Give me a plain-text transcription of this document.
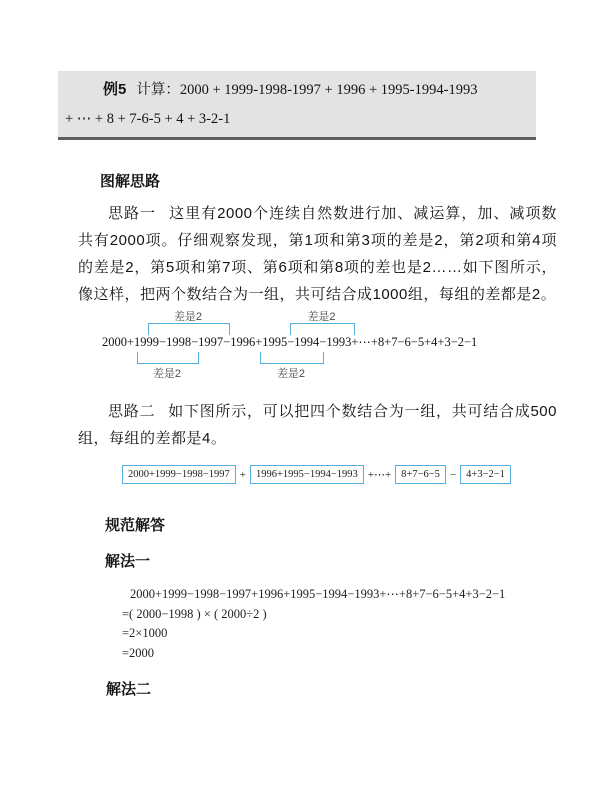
例5 计算：2000 + 1999-1998-1997 + 1996 + 1995-1994-1993
+ ⋯ + 8 + 7-6-5 + 4 + 3-2-1
图解思路

思路一 这里有2000个连续自然数进行加、减运算，加、减项数共有2000项。仔细观察发现，第1项和第3项的差是2，第2项和第4项的差是2，第5项和第7项、第6项和第8项的差也是2……如下图所示，像这样，把两个数结合为一组，共可结合成1000组，每组的差都是2。

差是2	差是2
2000+1999−1998−1997−1996+1995−1994−1993+⋯+8+7−6−5+4+3−2−1
差是2	差是2

思路二 如下图所示，可以把四个数结合为一组，共可结合成500组，每组的差都是4。

2000+1999−1998−1997 + 1996+1995−1994−1993 +⋯+ 8+7−6−5 − 4+3−2−1
规范解答
解法一
2000+1999−1998−1997+1996+1995−1994−1993+⋯+8+7−6−5+4+3−2−1
=( 2000−1998 ) × ( 2000÷2 )
=2×1000
=2000
解法二
